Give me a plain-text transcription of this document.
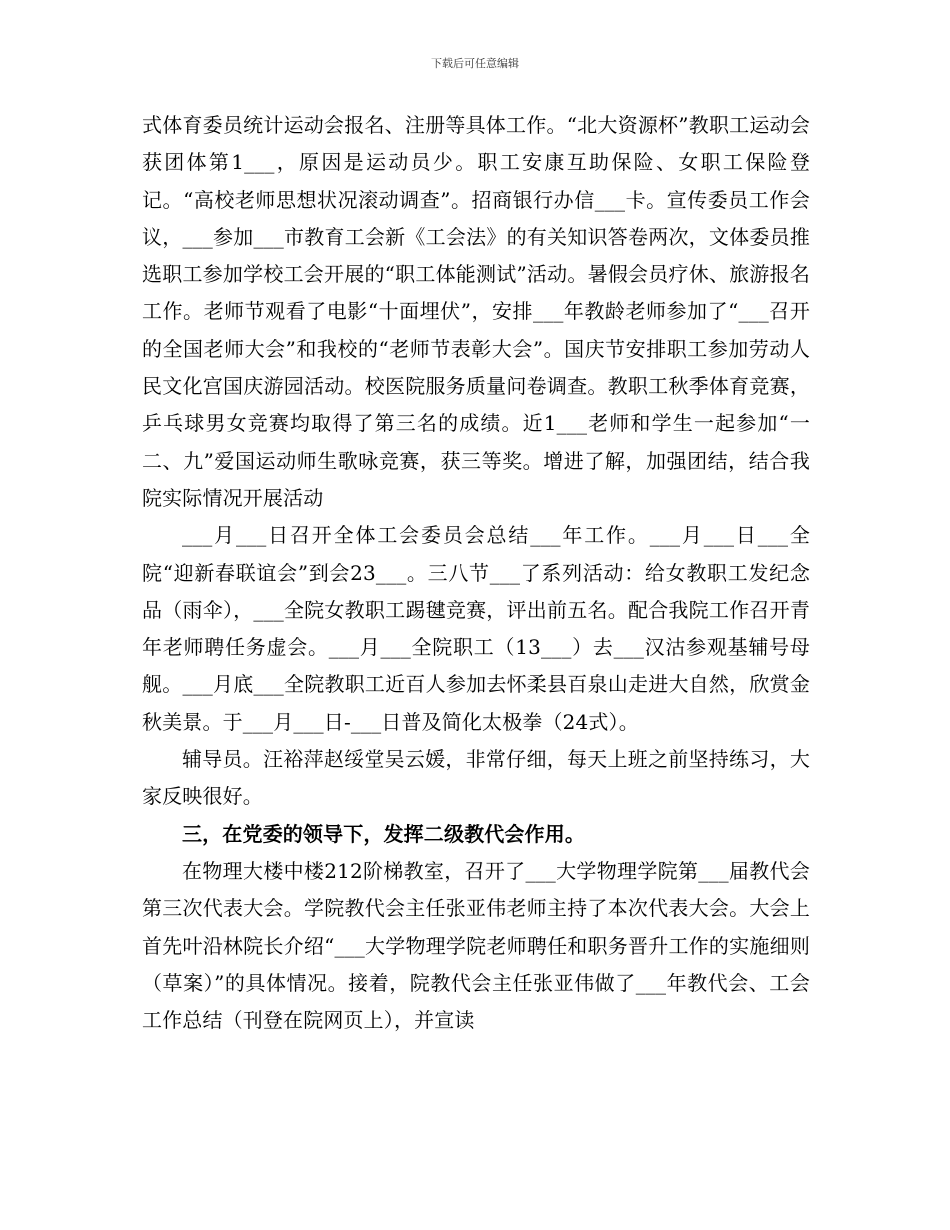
下载后可任意编辑

式体育委员统计运动会报名、注册等具体工作。“北大资源杯”教职工运动会获团体第1___，原因是运动员少。职工安康互助保险、女职工保险登记。“高校老师思想状况滚动调查”。招商银行办信___卡。宣传委员工作会议，___参加___市教育工会新《工会法》的有关知识答卷两次，文体委员推选职工参加学校工会开展的“职工体能测试”活动。暑假会员疗休、旅游报名工作。老师节观看了电影“十面埋伏”，安排___年教龄老师参加了“___召开的全国老师大会”和我校的“老师节表彰大会”。国庆节安排职工参加劳动人民文化宫国庆游园活动。校医院服务质量问卷调查。教职工秋季体育竞赛，乒乓球男女竞赛均取得了第三名的成绩。近1___老师和学生一起参加“一二、九”爱国运动师生歌咏竞赛，获三等奖。增进了解，加强团结，结合我院实际情况开展活动

___月___日召开全体工会委员会总结___年工作。___月___日___全院“迎新春联谊会”到会23___。三八节___了系列活动：给女教职工发纪念品（雨伞），___全院女教职工踢毽竞赛，评出前五名。配合我院工作召开青年老师聘任务虚会。___月___全院职工（13___）去___汉沽参观基辅号母舰。___月底___全院教职工近百人参加去怀柔县百泉山走进大自然，欣赏金秋美景。于___月___日-___日普及简化太极拳（24式）。

辅导员。汪裕萍赵绥堂吴云媛，非常仔细，每天上班之前坚持练习，大家反映很好。

三，在党委的领导下，发挥二级教代会作用。

在物理大楼中楼212阶梯教室，召开了___大学物理学院第___届教代会第三次代表大会。学院教代会主任张亚伟老师主持了本次代表大会。大会上首先叶沿林院长介绍“___大学物理学院老师聘任和职务晋升工作的实施细则（草案）”的具体情况。接着，院教代会主任张亚伟做了___年教代会、工会工作总结（刊登在院网页上），并宣读
